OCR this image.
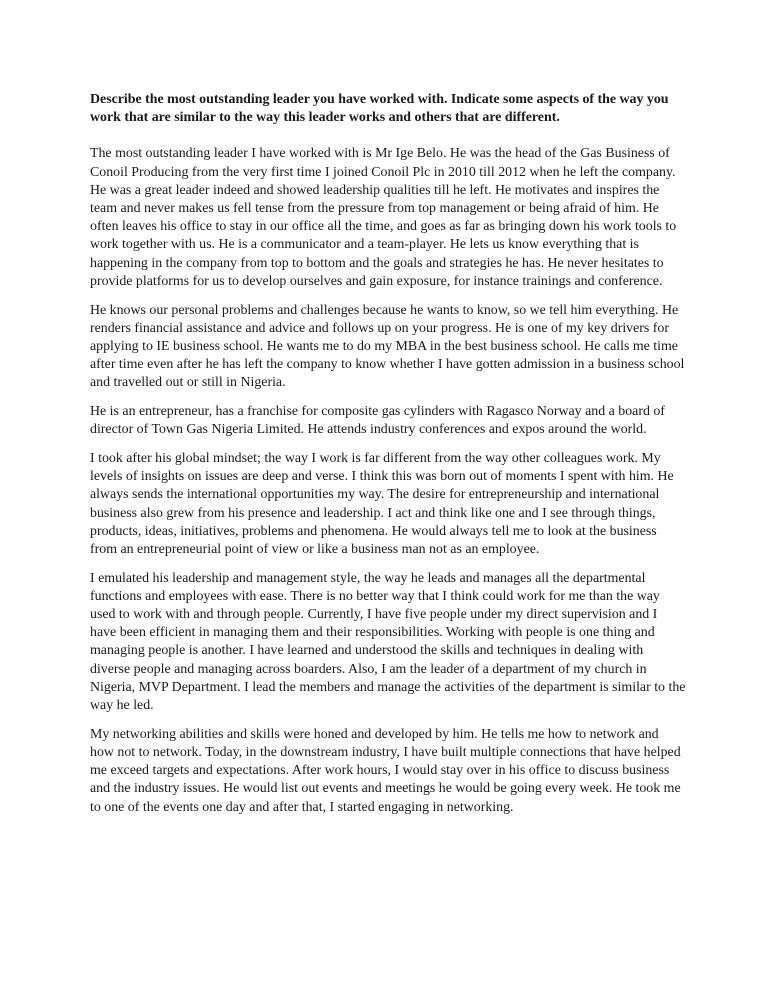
Describe the most outstanding leader you have worked with. Indicate some aspects of the way you work that are similar to the way this leader works and others that are different.

The most outstanding leader I have worked with is Mr Ige Belo. He was the head of the Gas Business of Conoil Producing from the very first time I joined Conoil Plc in 2010 till 2012 when he left the company. He was a great leader indeed and showed leadership qualities till he left. He motivates and inspires the team and never makes us fell tense from the pressure from top management or being afraid of him. He often leaves his office to stay in our office all the time, and goes as far as bringing down his work tools to work together with us. He is a communicator and a team-player. He lets us know everything that is happening in the company from top to bottom and the goals and strategies he has. He never hesitates to provide platforms for us to develop ourselves and gain exposure, for instance trainings and conference.

He knows our personal problems and challenges because he wants to know, so we tell him everything. He renders financial assistance and advice and follows up on your progress. He is one of my key drivers for applying to IE business school. He wants me to do my MBA in the best business school. He calls me time after time even after he has left the company to know whether I have gotten admission in a business school and travelled out or still in Nigeria.

He is an entrepreneur, has a franchise for composite gas cylinders with Ragasco Norway and a board of director of Town Gas Nigeria Limited. He attends industry conferences and expos around the world.

I took after his global mindset; the way I work is far different from the way other colleagues work. My levels of insights on issues are deep and verse. I think this was born out of moments I spent with him. He always sends the international opportunities my way. The desire for entrepreneurship and international business also grew from his presence and leadership. I act and think like one and I see through things, products, ideas, initiatives, problems and phenomena. He would always tell me to look at the business from an entrepreneurial point of view or like a business man not as an employee.

I emulated his leadership and management style, the way he leads and manages all the departmental functions and employees with ease. There is no better way that I think could work for me than the way used to work with and through people. Currently, I have five people under my direct supervision and I have been efficient in managing them and their responsibilities. Working with people is one thing and managing people is another. I have learned and understood the skills and techniques in dealing with diverse people and managing across boarders. Also, I am the leader of a department of my church in Nigeria, MVP Department. I lead the members and manage the activities of the department is similar to the way he led.

My networking abilities and skills were honed and developed by him. He tells me how to network and how not to network. Today, in the downstream industry, I have built multiple connections that have helped me exceed targets and expectations. After work hours, I would stay over in his office to discuss business and the industry issues. He would list out events and meetings he would be going every week. He took me to one of the events one day and after that, I started engaging in networking.
